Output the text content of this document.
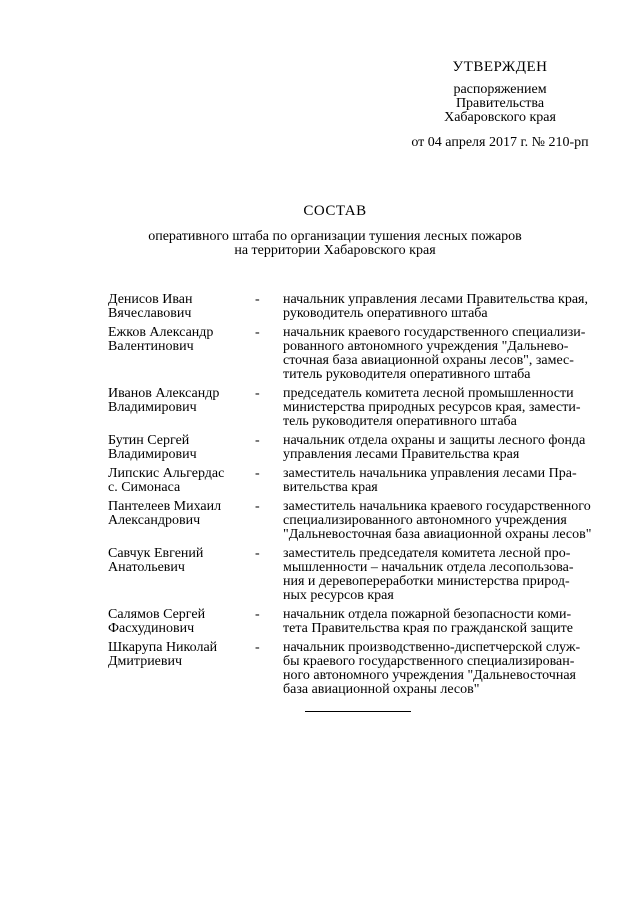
УТВЕРЖДЕН
распоряжением
Правительства
Хабаровского края
от 04 апреля 2017 г. № 210-рп
СОСТАВ
оперативного штаба по организации тушения лесных пожаров
на территории Хабаровского края
Денисов Иван
Вячеславович
-	начальник управления лесами Правительства края,
руководитель оперативного штаба
Ежков Александр
Валентинович
-	начальник краевого государственного специализи-
рованного автономного учреждения "Дальнево-
сточная база авиационной охраны лесов", замес-
титель руководителя оперативного штаба
Иванов Александр
Владимирович
-	председатель комитета лесной промышленности
министерства природных ресурсов края, замести-
тель руководителя оперативного штаба
Бутин Сергей
Владимирович
-	начальник отдела охраны и защиты лесного фонда
управления лесами Правительства края
Липскис Альгердас
с. Симонаса
-	заместитель начальника управления лесами Пра-
вительства края
Пантелеев Михаил
Александрович
-	заместитель начальника краевого государственного
специализированного автономного учреждения
"Дальневосточная база авиационной охраны лесов"
Савчук Евгений
Анатольевич
-	заместитель председателя комитета лесной про-
мышленности – начальник отдела лесопользова-
ния и деревопереработки министерства природ-
ных ресурсов края
Салямов Сергей
Фасхудинович
-	начальник отдела пожарной безопасности коми-
тета Правительства края по гражданской защите
Шкарупа Николай
Дмитриевич
-	начальник производственно-диспетчерской служ-
бы краевого государственного специализирован-
ного автономного учреждения "Дальневосточная
база авиационной охраны лесов"
